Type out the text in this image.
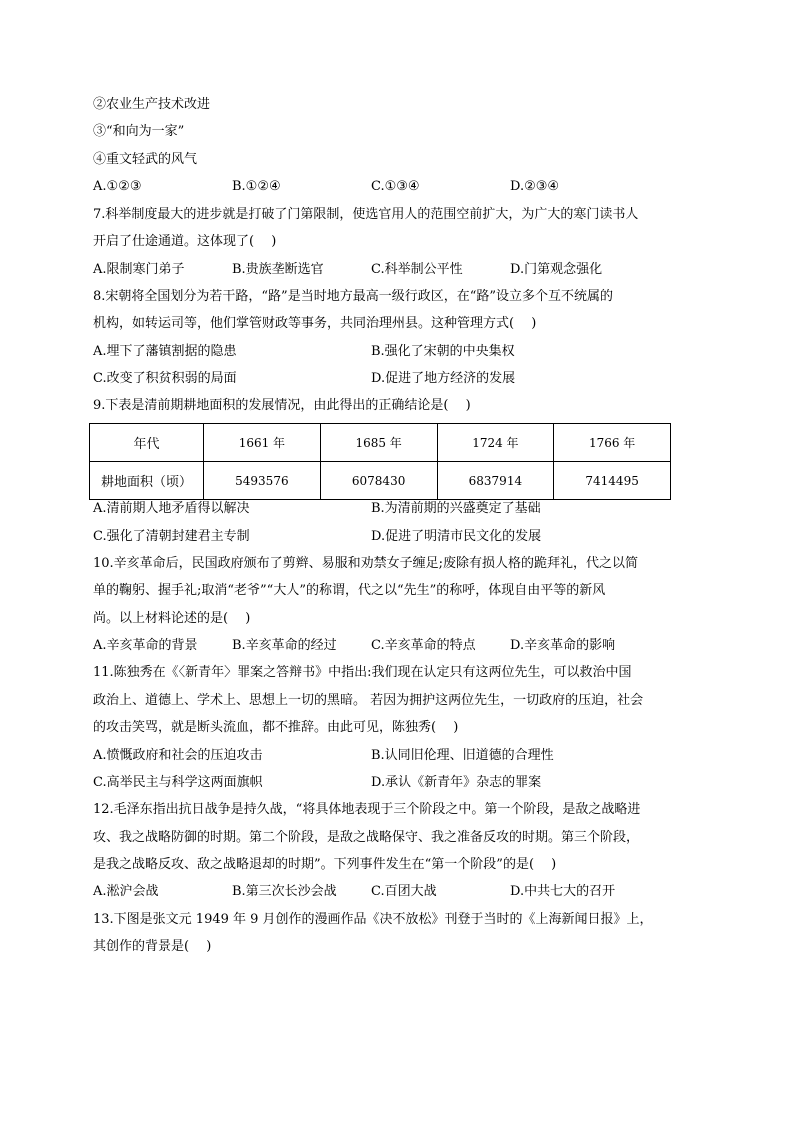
②农业生产技术改进
③“和向为一家”
④重文轻武的风气
A.①②③	B.①②④	C.①③④	D.②③④
7.科举制度最大的进步就是打破了门第限制，使选官用人的范围空前扩大，为广大的寒门读书人
开启了仕途通道。这体现了(　 )
A.限制寒门弟子	B.贵族垄断选官	C.科举制公平性	D.门第观念强化
8.宋朝将全国划分为若干路，“路”是当时地方最高一级行政区，在“路”设立多个互不统属的
机构，如转运司等，他们掌管财政等事务，共同治理州县。这种管理方式(　 )
A.埋下了藩镇割据的隐患	B.强化了宋朝的中央集权
C.改变了积贫积弱的局面	D.促进了地方经济的发展
9.下表是清前期耕地面积的发展情况，由此得出的正确结论是(　 )
年代	1661 年	1685 年	1724 年	1766 年
耕地面积（顷）	5493576	6078430	6837914	7414495
A.清前期人地矛盾得以解决	B.为清前期的兴盛奠定了基础
C.强化了清朝封建君主专制	D.促进了明清市民文化的发展
10.辛亥革命后，民国政府颁布了剪辫、易服和劝禁女子缠足;废除有损人格的跪拜礼，代之以简
单的鞠躬、握手礼;取消“老爷”“大人”的称谓，代之以“先生”的称呼，体现自由平等的新风
尚。以上材料论述的是(　 )
A.辛亥革命的背景	B.辛亥革命的经过	C.辛亥革命的特点	D.辛亥革命的影响
11.陈独秀在《〈新青年〉罪案之答辩书》中指出:我们现在认定只有这两位先生，可以救治中国
政治上、道德上、学术上、思想上一切的黑暗。 若因为拥护这两位先生，一切政府的压迫，社会
的攻击笑骂，就是断头流血，都不推辞。由此可见，陈独秀(　 )
A.愤慨政府和社会的压迫攻击	B.认同旧伦理、旧道德的合理性
C.高举民主与科学这两面旗帜	D.承认《新青年》杂志的罪案
12.毛泽东指出抗日战争是持久战，“将具体地表现于三个阶段之中。第一个阶段，是敌之战略进
攻、我之战略防御的时期。第二个阶段，是敌之战略保守、我之准备反攻的时期。第三个阶段，
是我之战略反攻、敌之战略退却的时期”。下列事件发生在“第一个阶段”的是(　 )
A.淞沪会战	B.第三次长沙会战	C.百团大战	D.中共七大的召开
13.下图是张文元 1949 年 9 月创作的漫画作品《决不放松》刊登于当时的《上海新闻日报》上，
其创作的背景是(　 )
